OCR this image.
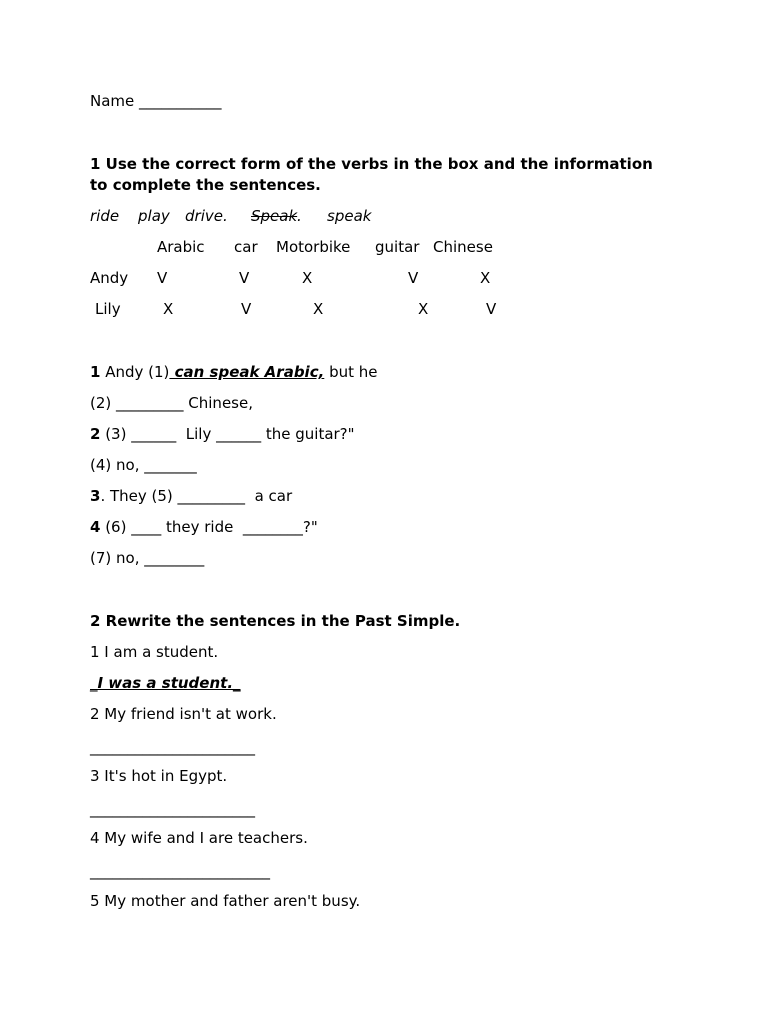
Name ___________
1 Use the correct form of the verbs in the box and the information
to complete the sentences.
ride play drive. Speak . speak
Arabic car Motorbike guitar Chinese
Andy V	V	X	V	X
Lily	X	V	X	X	V
1 Andy (1) can speak Arabic, but he
(2) _________ Chinese,
2 (3) ______  Lily ______ the guitar?"
(4) no, _______
3. They (5) _________  a car
4 (6) ____ they ride  ________?"
(7) no, ________
2 Rewrite the sentences in the Past Simple.
1 I am a student.
_I was a student._
2 My friend isn't at work.
______________________
3 It's hot in Egypt.
______________________
4 My wife and I are teachers.
________________________
5 My mother and father aren't busy.
